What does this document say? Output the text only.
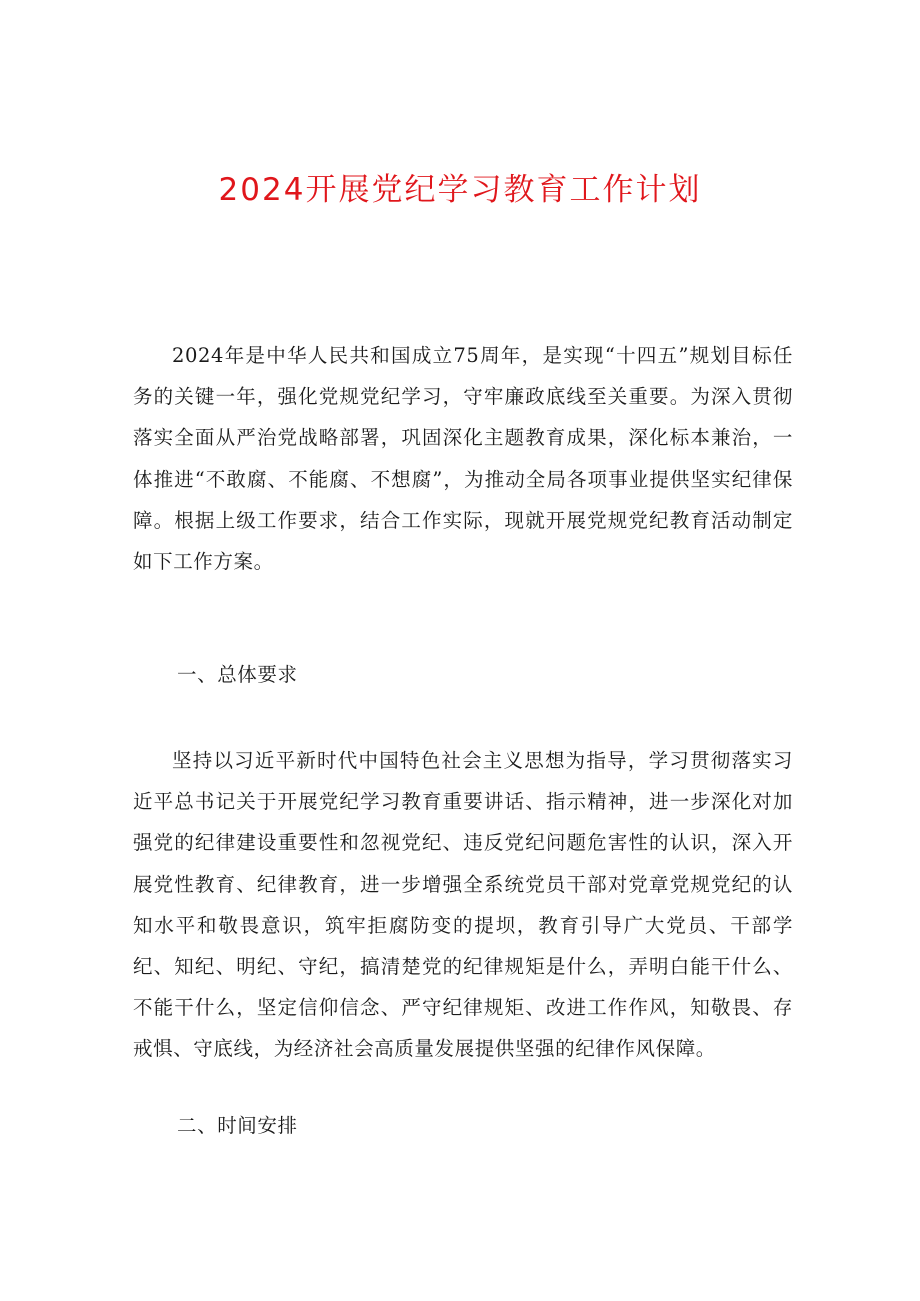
2024开展党纪学习教育工作计划

2024年是中华人民共和国成立75周年，是实现“十四五”规划目标任务的关键一年，强化党规党纪学习，守牢廉政底线至关重要。为深入贯彻落实全面从严治党战略部署，巩固深化主题教育成果，深化标本兼治，一体推进“不敢腐、不能腐、不想腐”，为推动全局各项事业提供坚实纪律保障。根据上级工作要求，结合工作实际，现就开展党规党纪教育活动制定如下工作方案。

一、总体要求

坚持以习近平新时代中国特色社会主义思想为指导，学习贯彻落实习近平总书记关于开展党纪学习教育重要讲话、指示精神，进一步深化对加强党的纪律建设重要性和忽视党纪、违反党纪问题危害性的认识，深入开展党性教育、纪律教育，进一步增强全系统党员干部对党章党规党纪的认知水平和敬畏意识，筑牢拒腐防变的提坝，教育引导广大党员、干部学纪、知纪、明纪、守纪，搞清楚党的纪律规矩是什么，弄明白能干什么、不能干什么，坚定信仰信念、严守纪律规矩、改进工作作风，知敬畏、存戒惧、守底线，为经济社会高质量发展提供坚强的纪律作风保障。

二、时间安排
